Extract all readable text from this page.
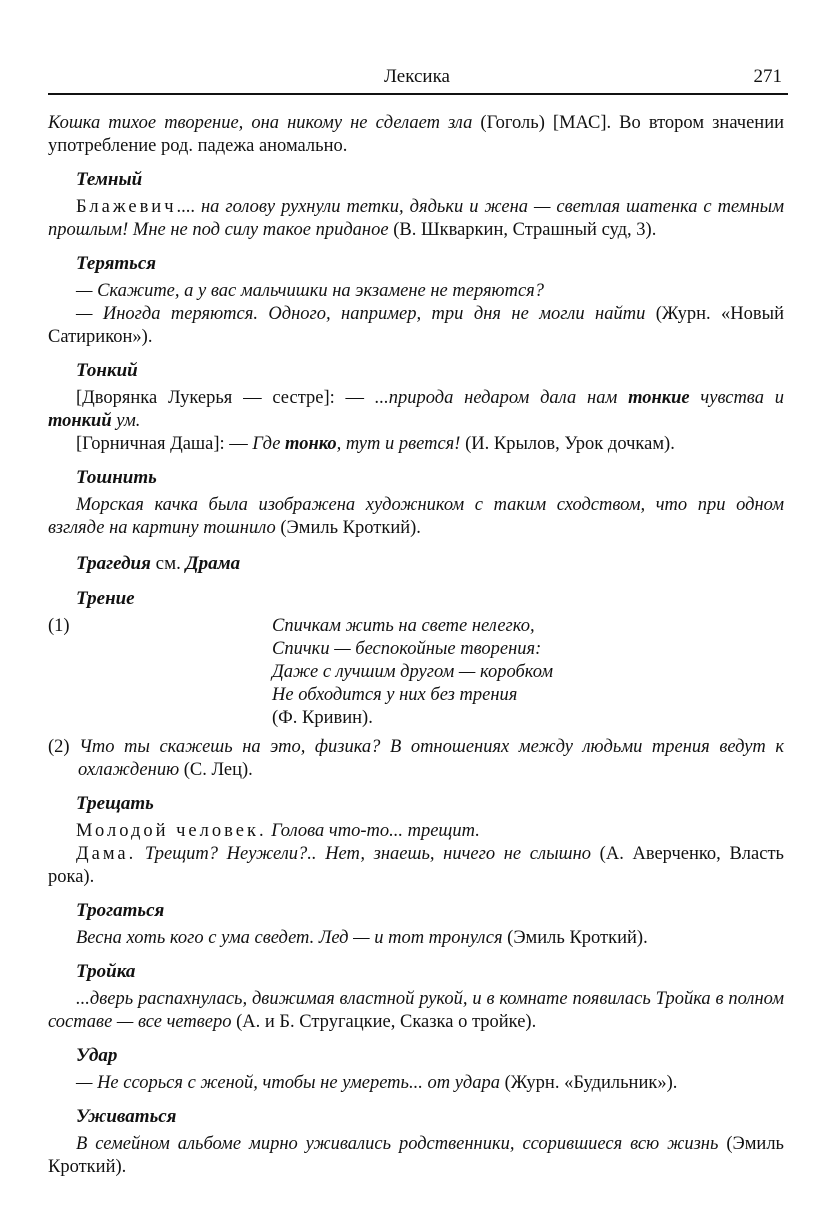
Лексика	271

Кошка тихое творение, она никому не сделает зла (Гоголь) [МАС]. Во втором значении употребление род. падежа аномально.

Темный

Блажевич.... на голову рухнули тетки, дядьки и жена — светлая шатенка с темным прошлым! Мне не под силу такое приданое (В. Шкваркин, Страшный суд, 3).

Теряться

— Скажите, а у вас мальчишки на экзамене не теряются?

— Иногда теряются. Одного, например, три дня не могли найти (Журн. «Новый Сатирикон»).

Тонкий

[Дворянка Лукерья — сестре]: — ...природа недаром дала нам тонкие чувства и тонкий ум.

[Горничная Даша]: — Где тонко, тут и рвется! (И. Крылов, Урок дочкам).

Тошнить

Морская качка была изображена художником с таким сходством, что при одном взгляде на картину тошнило (Эмиль Кроткий).

Трагедия см. Драма
Трение
(1)	Спичкам жить на свете нелегко,

Спички — беспокойные творения:

Даже с лучшим другом — коробком

Не обходится у них без трения

(Ф. Кривин).

(2) Что ты скажешь на это, физика? В отношениях между людьми трения ведут к охлаждению (С. Лец).

Трещать

Молодой человек. Голова что-то... трещит.

Дама. Трещит? Неужели?.. Нет, знаешь, ничего не слышно (А. Аверченко, Власть рока).

Трогаться

Весна хоть кого с ума сведет. Лед — и тот тронулся (Эмиль Кроткий).

Тройка

...дверь распахнулась, движимая властной рукой, и в комнате появилась Тройка в полном составе — все четверо (А. и Б. Стругацкие, Сказка о тройке).

Удар

— Не ссорься с женой, чтобы не умереть... от удара (Журн. «Будильник»).

Уживаться

В семейном альбоме мирно уживались родственники, ссорившиеся всю жизнь (Эмиль Кроткий).
